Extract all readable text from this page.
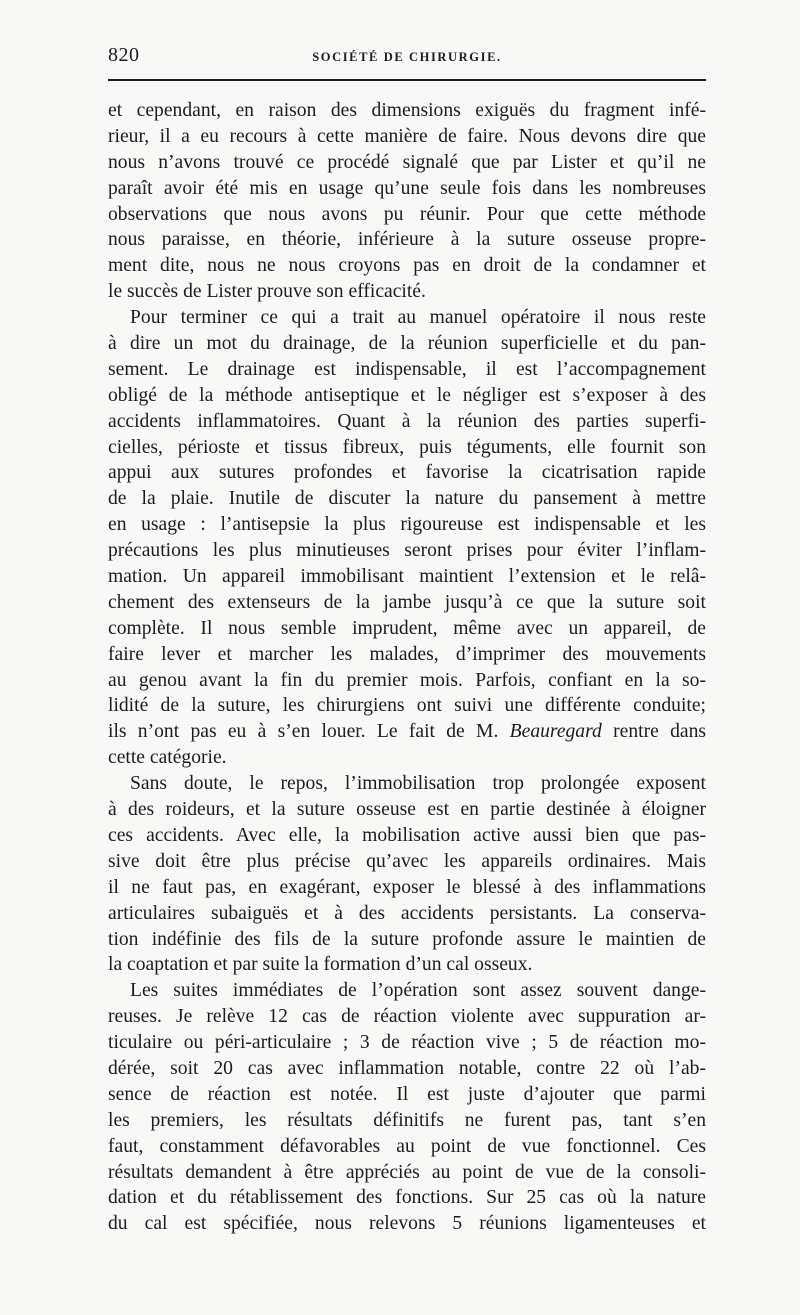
820	SOCIÉTÉ DE CHIRURGIE.
et cependant, en raison des dimensions exiguës du fragment infé-
rieur, il a eu recours à cette manière de faire. Nous devons dire que
nous n’avons trouvé ce procédé signalé que par Lister et qu’il ne
paraît avoir été mis en usage qu’une seule fois dans les nombreuses
observations que nous avons pu réunir. Pour que cette méthode
nous paraisse, en théorie, inférieure à la suture osseuse propre-
ment dite, nous ne nous croyons pas en droit de la condamner et
le succès de Lister prouve son efficacité.
Pour terminer ce qui a trait au manuel opératoire il nous reste
à dire un mot du drainage, de la réunion superficielle et du pan-
sement. Le drainage est indispensable, il est l’accompagnement
obligé de la méthode antiseptique et le négliger est s’exposer à des
accidents inflammatoires. Quant à la réunion des parties superfi-
cielles, périoste et tissus fibreux, puis téguments, elle fournit son
appui aux sutures profondes et favorise la cicatrisation rapide
de la plaie. Inutile de discuter la nature du pansement à mettre
en usage : l’antisepsie la plus rigoureuse est indispensable et les
précautions les plus minutieuses seront prises pour éviter l’inflam-
mation. Un appareil immobilisant maintient l’extension et le relâ-
chement des extenseurs de la jambe jusqu’à ce que la suture soit
complète. Il nous semble imprudent, même avec un appareil, de
faire lever et marcher les malades, d’imprimer des mouvements
au genou avant la fin du premier mois. Parfois, confiant en la so-
lidité de la suture, les chirurgiens ont suivi une différente conduite;
ils n’ont pas eu à s’en louer. Le fait de M. Beauregard rentre dans
cette catégorie.
Sans doute, le repos, l’immobilisation trop prolongée exposent
à des roideurs, et la suture osseuse est en partie destinée à éloigner
ces accidents. Avec elle, la mobilisation active aussi bien que pas-
sive doit être plus précise qu’avec les appareils ordinaires. Mais
il ne faut pas, en exagérant, exposer le blessé à des inflammations
articulaires subaiguës et à des accidents persistants. La conserva-
tion indéfinie des fils de la suture profonde assure le maintien de
la coaptation et par suite la formation d’un cal osseux.
Les suites immédiates de l’opération sont assez souvent dange-
reuses. Je relève 12 cas de réaction violente avec suppuration ar-
ticulaire ou péri-articulaire ; 3 de réaction vive ; 5 de réaction mo-
dérée, soit 20 cas avec inflammation notable, contre 22 où l’ab-
sence de réaction est notée. Il est juste d’ajouter que parmi
les premiers, les résultats définitifs ne furent pas, tant s’en
faut, constamment défavorables au point de vue fonctionnel. Ces
résultats demandent à être appréciés au point de vue de la consoli-
dation et du rétablissement des fonctions. Sur 25 cas où la nature
du cal est spécifiée, nous relevons 5 réunions ligamenteuses et
